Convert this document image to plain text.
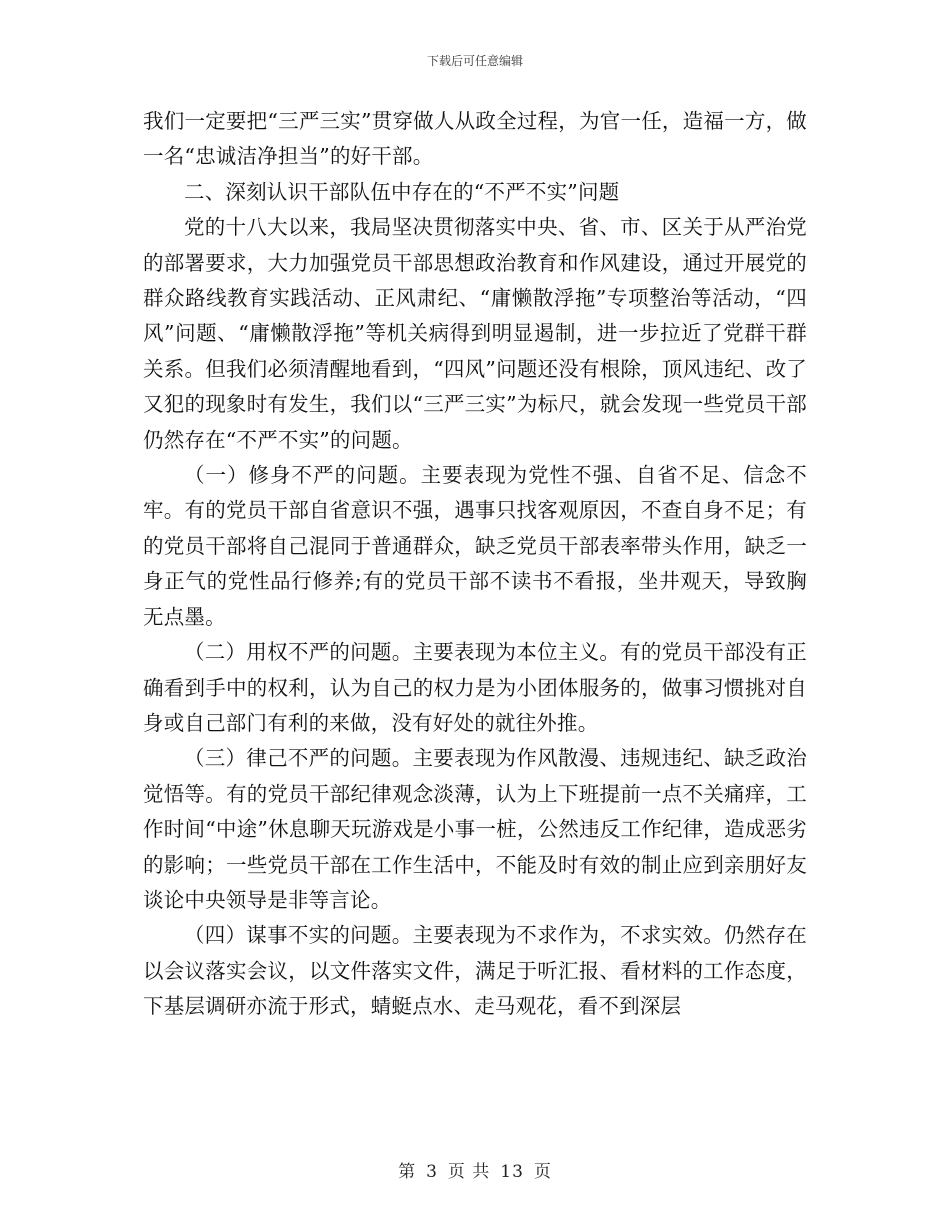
下载后可任意编辑

我们一定要把“三严三实”贯穿做人从政全过程，为官一任，造福一方，做一名“忠诚洁净担当”的好干部。

二、深刻认识干部队伍中存在的“不严不实”问题

党的十八大以来，我局坚决贯彻落实中央、省、市、区关于从严治党的部署要求，大力加强党员干部思想政治教育和作风建设，通过开展党的群众路线教育实践活动、正风肃纪、“庸懒散浮拖”专项整治等活动，“四风”问题、“庸懒散浮拖”等机关病得到明显遏制，进一步拉近了党群干群关系。但我们必须清醒地看到，“四风”问题还没有根除，顶风违纪、改了又犯的现象时有发生，我们以“三严三实”为标尺，就会发现一些党员干部仍然存在“不严不实”的问题。

（一）修身不严的问题。主要表现为党性不强、自省不足、信念不牢。有的党员干部自省意识不强，遇事只找客观原因，不查自身不足；有的党员干部将自己混同于普通群众，缺乏党员干部表率带头作用，缺乏一身正气的党性品行修养;有的党员干部不读书不看报，坐井观天，导致胸无点墨。

（二）用权不严的问题。主要表现为本位主义。有的党员干部没有正确看到手中的权利，认为自己的权力是为小团体服务的，做事习惯挑对自身或自己部门有利的来做，没有好处的就往外推。

（三）律己不严的问题。主要表现为作风散漫、违规违纪、缺乏政治觉悟等。有的党员干部纪律观念淡薄，认为上下班提前一点不关痛痒，工作时间“中途”休息聊天玩游戏是小事一桩，公然违反工作纪律，造成恶劣的影响；一些党员干部在工作生活中，不能及时有效的制止应到亲朋好友谈论中央领导是非等言论。

（四）谋事不实的问题。主要表现为不求作为，不求实效。仍然存在以会议落实会议，以文件落实文件，满足于听汇报、看材料的工作态度，下基层调研亦流于形式，蜻蜓点水、走马观花，看不到深层

第 3 页 共 13 页
